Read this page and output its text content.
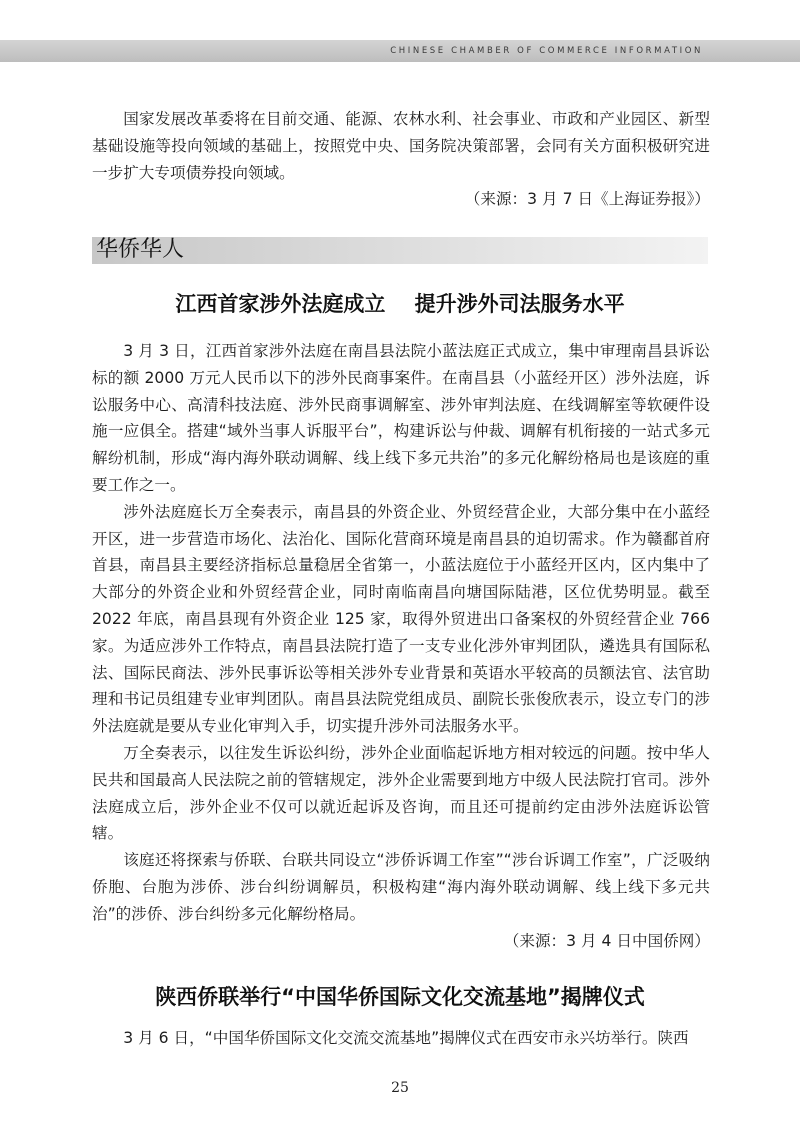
CHINESE CHAMBER OF COMMERCE INFORMATION

国家发展改革委将在目前交通、能源、农林水利、社会事业、市政和产业园区、新型基础设施等投向领域的基础上，按照党中央、国务院决策部署，会同有关方面积极研究进一步扩大专项债券投向领域。

（来源：3 月 7 日《上海证券报》）

华侨华人
江西首家涉外法庭成立    提升涉外司法服务水平

3 月 3 日，江西首家涉外法庭在南昌县法院小蓝法庭正式成立，集中审理南昌县诉讼标的额 2000 万元人民币以下的涉外民商事案件。在南昌县（小蓝经开区）涉外法庭，诉讼服务中心、高清科技法庭、涉外民商事调解室、涉外审判法庭、在线调解室等软硬件设施一应俱全。搭建“域外当事人诉服平台”，构建诉讼与仲裁、调解有机衔接的一站式多元解纷机制，形成“海内海外联动调解、线上线下多元共治”的多元化解纷格局也是该庭的重要工作之一。

涉外法庭庭长万全奏表示，南昌县的外资企业、外贸经营企业，大部分集中在小蓝经开区，进一步营造市场化、法治化、国际化营商环境是南昌县的迫切需求。作为赣鄱首府首县，南昌县主要经济指标总量稳居全省第一，小蓝法庭位于小蓝经开区内，区内集中了大部分的外资企业和外贸经营企业，同时南临南昌向塘国际陆港，区位优势明显。截至 2022 年底，南昌县现有外资企业 125 家，取得外贸进出口备案权的外贸经营企业 766 家。为适应涉外工作特点，南昌县法院打造了一支专业化涉外审判团队，遴选具有国际私法、国际民商法、涉外民事诉讼等相关涉外专业背景和英语水平较高的员额法官、法官助理和书记员组建专业审判团队。南昌县法院党组成员、副院长张俊欣表示，设立专门的涉外法庭就是要从专业化审判入手，切实提升涉外司法服务水平。

万全奏表示，以往发生诉讼纠纷，涉外企业面临起诉地方相对较远的问题。按中华人民共和国最高人民法院之前的管辖规定，涉外企业需要到地方中级人民法院打官司。涉外法庭成立后，涉外企业不仅可以就近起诉及咨询，而且还可提前约定由涉外法庭诉讼管辖。

该庭还将探索与侨联、台联共同设立“涉侨诉调工作室”“涉台诉调工作室”，广泛吸纳侨胞、台胞为涉侨、涉台纠纷调解员，积极构建“海内海外联动调解、线上线下多元共治”的涉侨、涉台纠纷多元化解纷格局。

（来源：3 月 4 日中国侨网）

陕西侨联举行“中国华侨国际文化交流基地”揭牌仪式

3 月 6 日，“中国华侨国际文化交流交流基地”揭牌仪式在西安市永兴坊举行。陕西

25
